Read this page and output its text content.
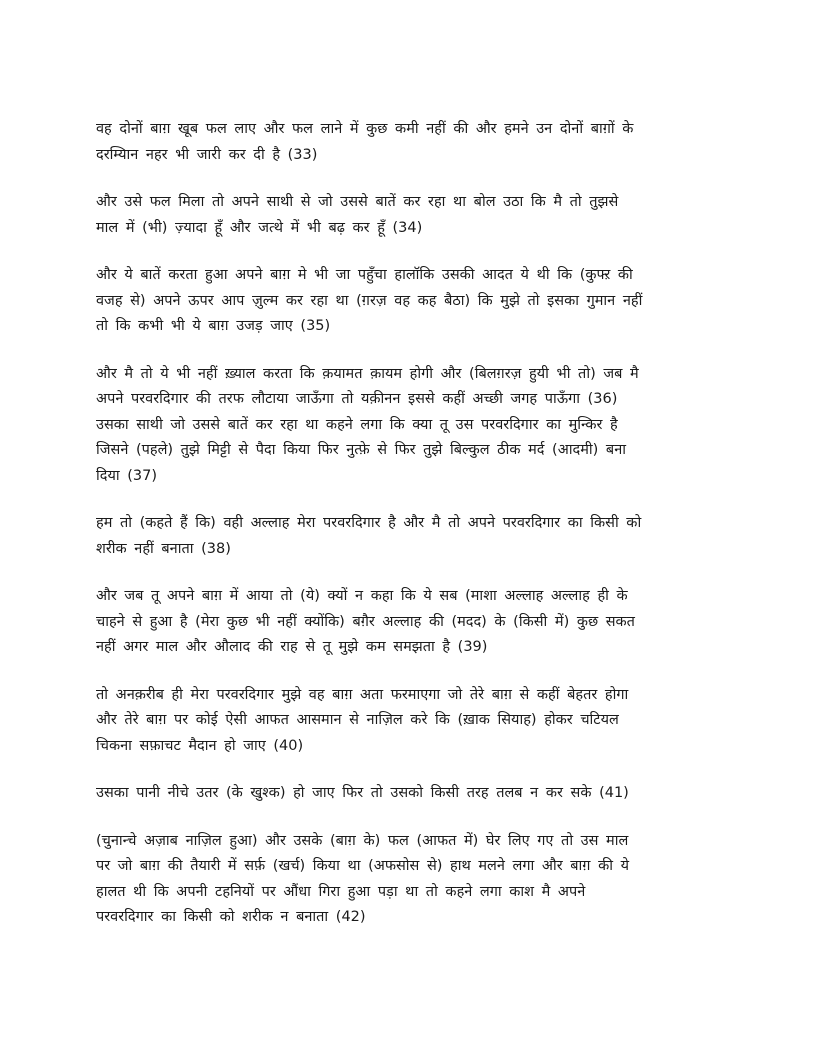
वह दोनों बाग़ खूब फल लाए और फल लाने में कुछ कमी नहीं की और हमने उन दोनों बाग़ों के
दरम्यिान नहर भी जारी कर दी है (33)

और उसे फल मिला तो अपने साथी से जो उससे बातें कर रहा था बोल उठा कि मै तो तुझसे
माल में (भी) ज़्यादा हूँ और जत्थे में भी बढ़ कर हूँ (34)

और ये बातें करता हुआ अपने बाग़ मे भी जा पहुँचा हालॉकि उसकी आदत ये थी कि (कुफ्ऱ की
वजह से) अपने ऊपर आप ज़ुल्म कर रहा था (ग़रज़ वह कह बैठा) कि मुझे तो इसका गुमान नहीं
तो कि कभी भी ये बाग़ उजड़ जाए (35)

और मै तो ये भी नहीं ख़्याल करता कि क़यामत क़ायम होगी और (बिलग़रज़ हुयी भी तो) जब मै
अपने परवरदिगार की तरफ लौटाया जाऊँगा तो यक़ीनन इससे कहीं अच्छी जगह पाऊँगा (36)

उसका साथी जो उससे बातें कर रहा था कहने लगा कि क्या तू उस परवरदिगार का मुन्किर है
जिसने (पहले) तुझे मिट्टी से पैदा किया फिर नुत्फ़े से फिर तुझे बिल्कुल ठीक मर्द (आदमी) बना
दिया (37)

हम तो (कहते हैं कि) वही अल्लाह मेरा परवरदिगार है और मै तो अपने परवरदिगार का किसी को
शरीक नहीं बनाता (38)

और जब तू अपने बाग़ में आया तो (ये) क्यों न कहा कि ये सब (माशा अल्लाह अल्लाह ही के
चाहने से हुआ है (मेरा कुछ भी नहीं क्योंकि) बग़ैर अल्लाह की (मदद) के (किसी में) कुछ सकत
नहीं अगर माल और औलाद की राह से तू मुझे कम समझता है (39)

तो अनक़रीब ही मेरा परवरदिगार मुझे वह बाग़ अता फरमाएगा जो तेरे बाग़ से कहीं बेहतर होगा
और तेरे बाग़ पर कोई ऐसी आफत आसमान से नाज़िल करे कि (ख़ाक सियाह) होकर चटियल
चिकना सफ़ाचट मैदान हो जाए (40)

उसका पानी नीचे उतर (के खुश्क) हो जाए फिर तो उसको किसी तरह तलब न कर सके (41)

(चुनान्चे अज़ाब नाज़िल हुआ) और उसके (बाग़ के) फल (आफत में) घेर लिए गए तो उस माल
पर जो बाग़ की तैयारी में सर्फ़ (खर्च) किया था (अफसोस से) हाथ मलने लगा और बाग़ की ये
हालत थी कि अपनी टहनियों पर औंधा गिरा हुआ पड़ा था तो कहने लगा काश मै अपने
परवरदिगार का किसी को शरीक न बनाता (42)
